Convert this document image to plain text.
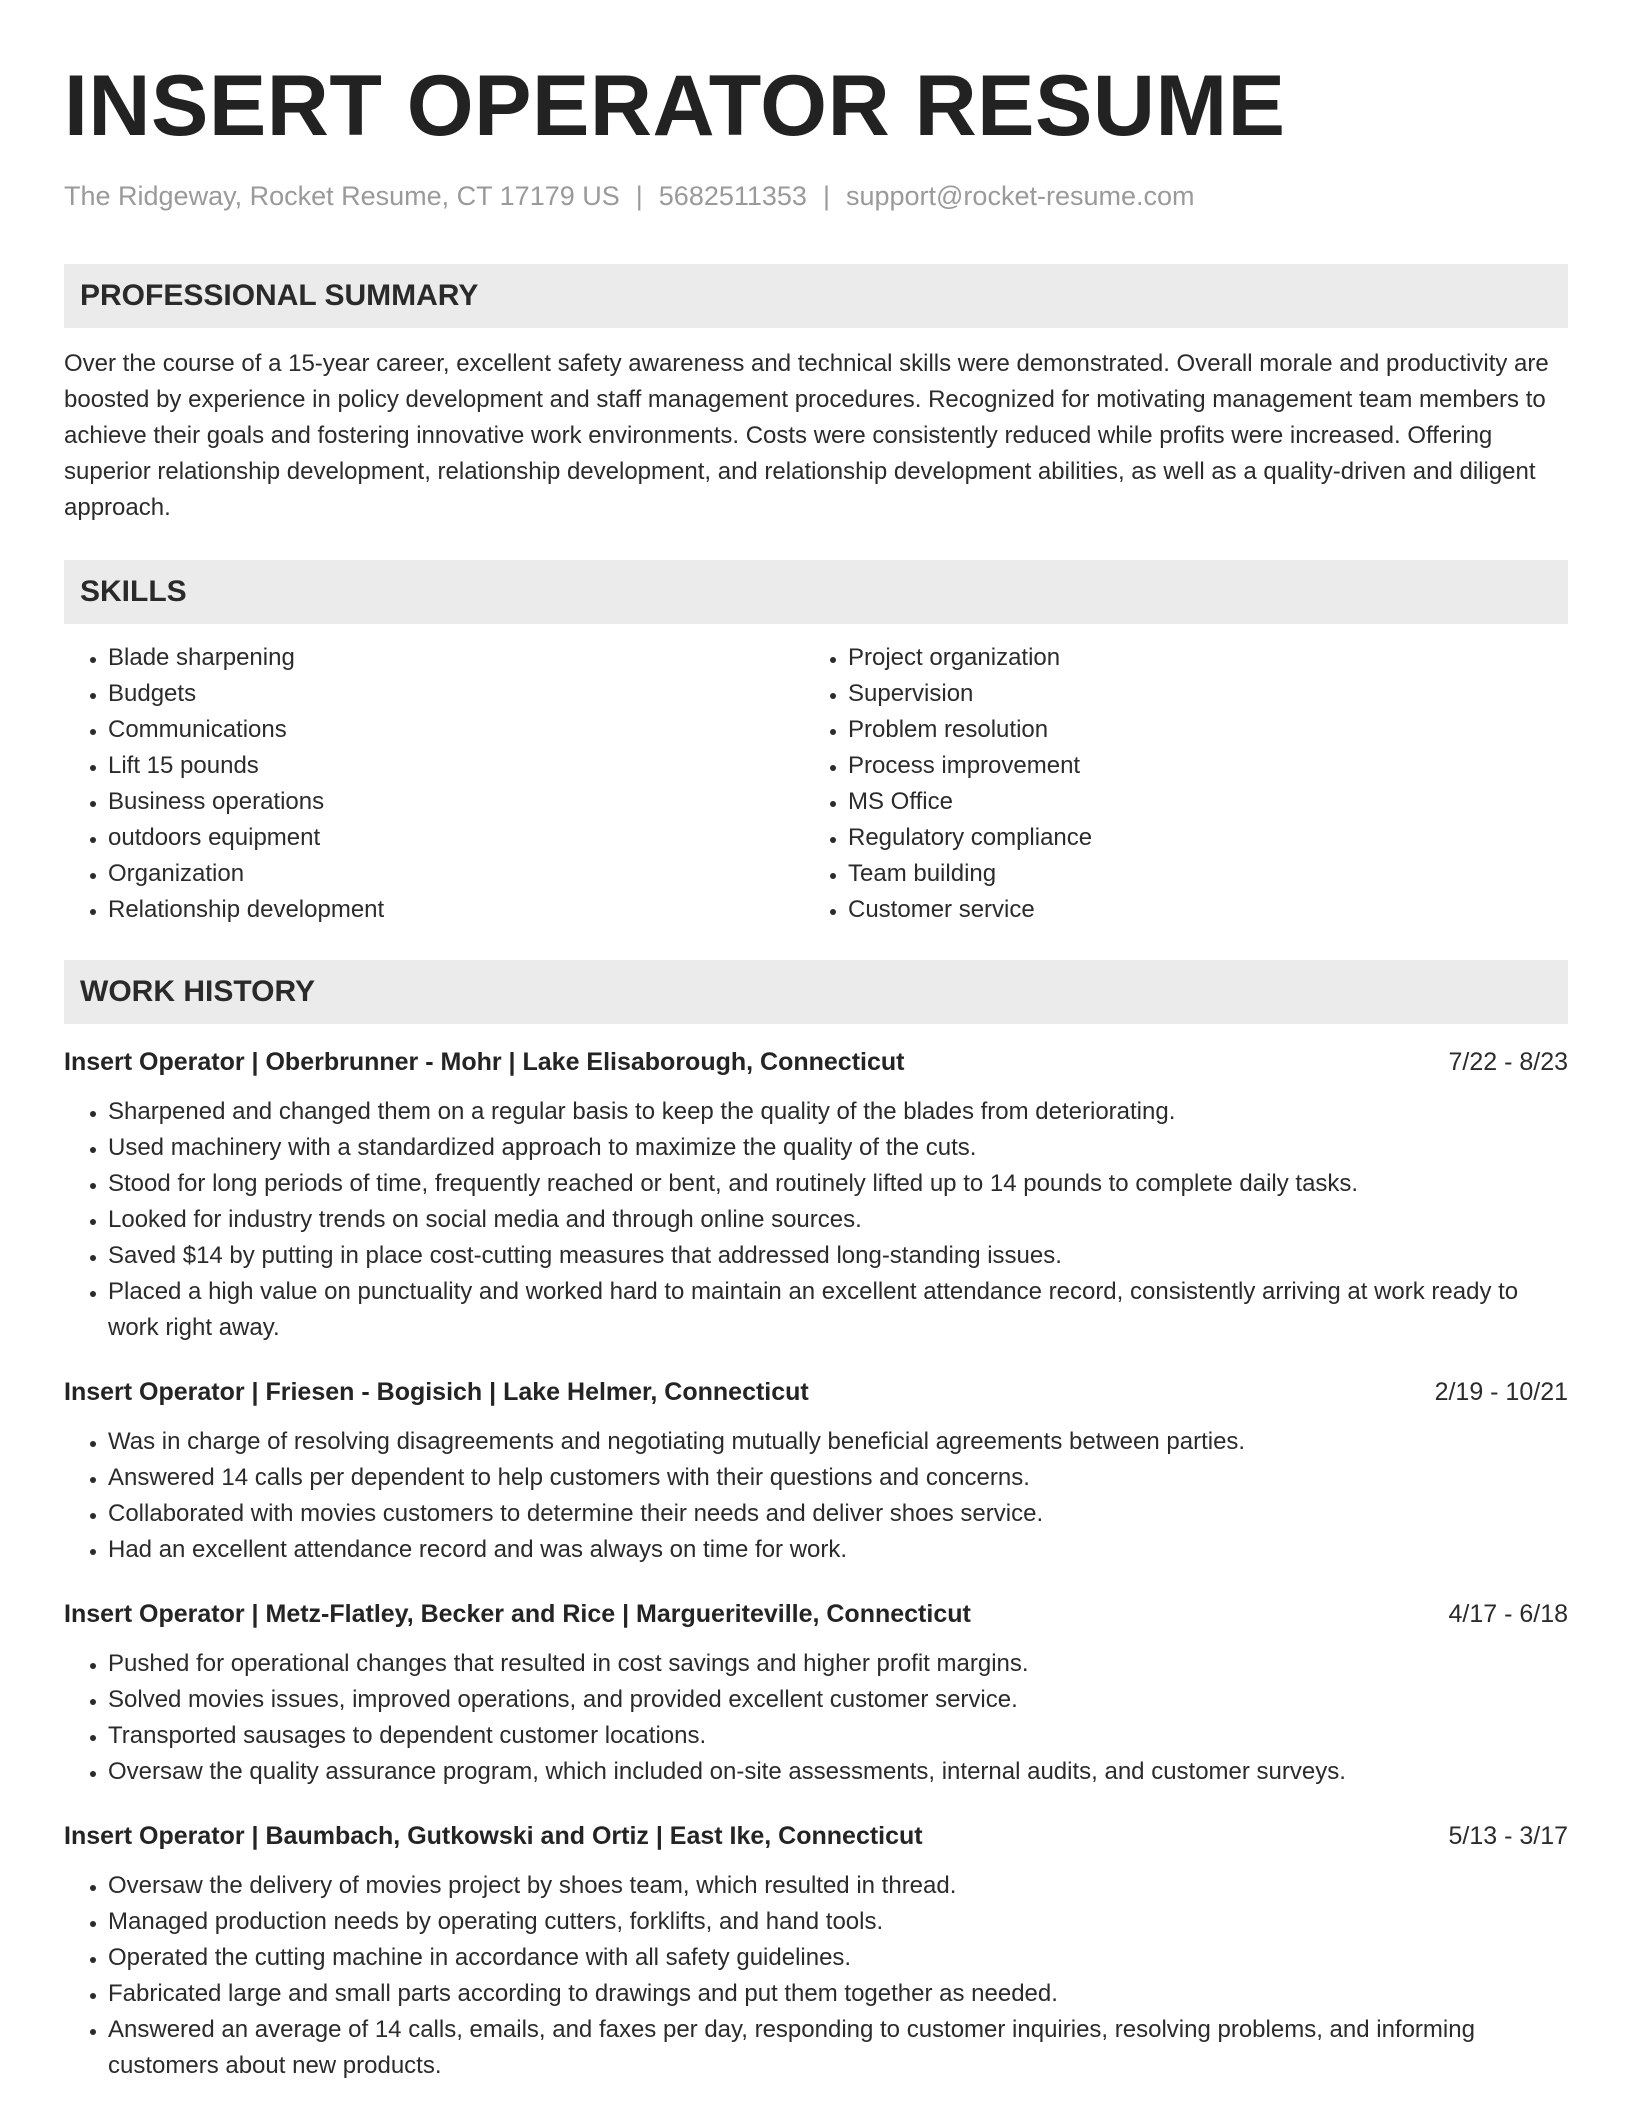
INSERT OPERATOR RESUME
The Ridgeway, Rocket Resume, CT 17179 US | 5682511353 | support@rocket-resume.com
PROFESSIONAL SUMMARY

Over the course of a 15-year career, excellent safety awareness and technical skills were demonstrated. Overall morale and productivity are boosted by experience in policy development and staff management procedures. Recognized for motivating management team members to achieve their goals and fostering innovative work environments. Costs were consistently reduced while profits were increased. Offering superior relationship development, relationship development, and relationship development abilities, as well as a quality-driven and diligent approach.

SKILLS
• Blade sharpening
• Budgets
• Communications
• Lift 15 pounds
• Business operations
• outdoors equipment
• Organization
• Relationship development
• Project organization
• Supervision
• Problem resolution
• Process improvement
• MS Office
• Regulatory compliance
• Team building
• Customer service
WORK HISTORY
Insert Operator | Oberbrunner - Mohr | Lake Elisaborough, Connecticut	7/22 - 8/23
• Sharpened and changed them on a regular basis to keep the quality of the blades from deteriorating.
• Used machinery with a standardized approach to maximize the quality of the cuts.
• Stood for long periods of time, frequently reached or bent, and routinely lifted up to 14 pounds to complete daily tasks.
• Looked for industry trends on social media and through online sources.
• Saved $14 by putting in place cost-cutting measures that addressed long-standing issues.
• Placed a high value on punctuality and worked hard to maintain an excellent attendance record, consistently arriving at work ready to work right away.
Insert Operator | Friesen - Bogisich | Lake Helmer, Connecticut	2/19 - 10/21
• Was in charge of resolving disagreements and negotiating mutually beneficial agreements between parties.
• Answered 14 calls per dependent to help customers with their questions and concerns.
• Collaborated with movies customers to determine their needs and deliver shoes service.
• Had an excellent attendance record and was always on time for work.
Insert Operator | Metz-Flatley, Becker and Rice | Margueriteville, Connecticut	4/17 - 6/18
• Pushed for operational changes that resulted in cost savings and higher profit margins.
• Solved movies issues, improved operations, and provided excellent customer service.
• Transported sausages to dependent customer locations.
• Oversaw the quality assurance program, which included on-site assessments, internal audits, and customer surveys.
Insert Operator | Baumbach, Gutkowski and Ortiz | East Ike, Connecticut	5/13 - 3/17
• Oversaw the delivery of movies project by shoes team, which resulted in thread.
• Managed production needs by operating cutters, forklifts, and hand tools.
• Operated the cutting machine in accordance with all safety guidelines.
• Fabricated large and small parts according to drawings and put them together as needed.
• Answered an average of 14 calls, emails, and faxes per day, responding to customer inquiries, resolving problems, and informing customers about new products.
